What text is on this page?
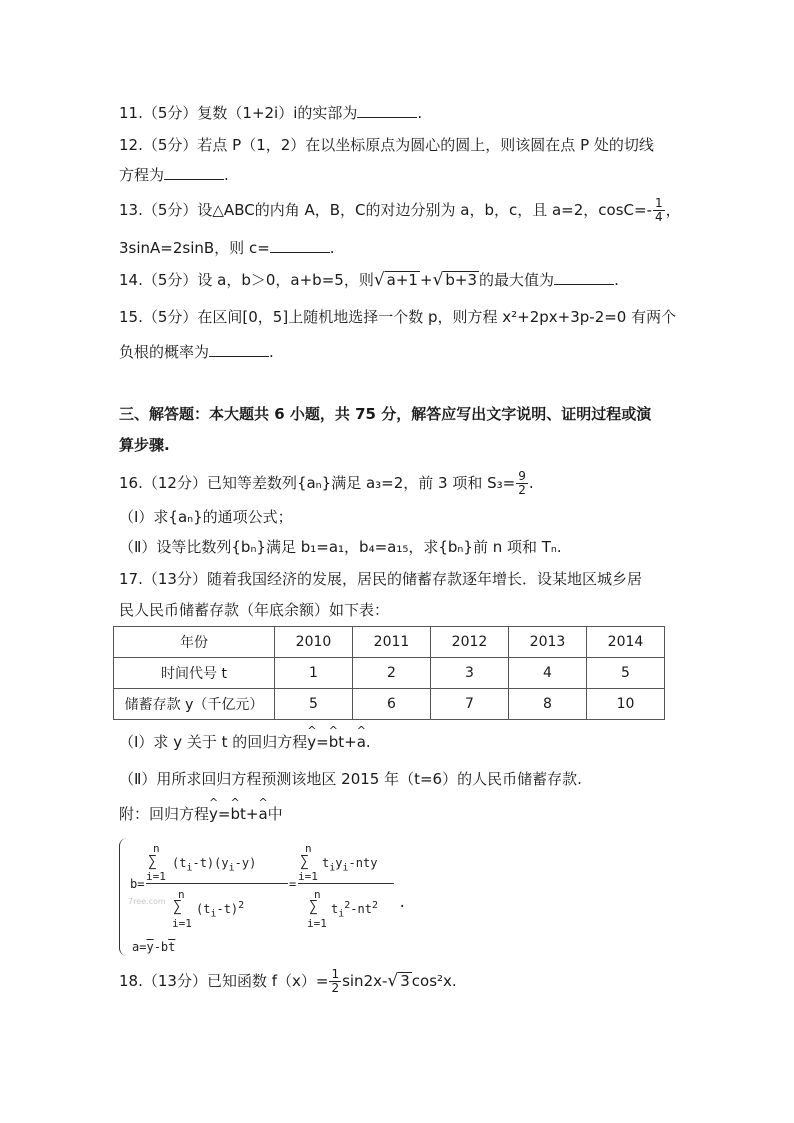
11.（5分）复数（1+2i）i的实部为	.
12.（5分）若点 P（1，2）在以坐标原点为圆心的圆上，则该圆在点 P 处的切线
方程为	.
13.（5分）设△ABC的内角 A，B，C的对边分别为 a，b，c，且 a=2，$\cos C=- \frac{1}{4}$ ，
3sinA=2sinB，则 c=	.
14.（5分）设 a，b＞0，a+b=5，则√ a+1 +√ b+3 的最大值为	.
15.（5分）在区间[0，5]上随机地选择一个数 p，则方程 x²+2px+3p-2=0 有两个
负根的概率为	.
三、解答题：本大题共 6 小题，共 75 分，解答应写出文字说明、证明过程或演
算步骤.
16.（12分）已知等差数列{aₙ}满足 a₃=2，前 3 项和 $S_3= \frac{9}{2}$ .
（Ⅰ）求{aₙ}的通项公式；
（Ⅱ）设等比数列{bₙ}满足 b₁=a₁，b₄=a₁₅，求{bₙ}前 n 项和 Tₙ.
17.（13分）随着我国经济的发展，居民的储蓄存款逐年增长．设某地区城乡居
民人民币储蓄存款（年底余额）如下表：
年份	2010	2011	2012	2013	2014
时间代号 t	1	2	3	4	5
储蓄存款 y（千亿元）	5	6	7	8	10
（Ⅰ）求 y 关于 t 的回归方程^ y=^ bt+^ a.
（Ⅱ）用所求回归方程预测该地区 2015 年（t=6）的人民币储蓄存款.
附：回归方程^ y=^ bt+^ a中
n
∑
i=1
$(t_i-t)(y_i-y)$
b=
n
∑
i=1
$(t_i-t)^2$
=
n
∑
i=1
$t_iy_i$-nty
n
∑
i=1
$t_i^2-nt^2$ .
$a=\overline{y}-b\overline{t}$
7ree.com
18.（13分）已知函数 $f(x)= \frac{1}{2} \sin 2x-√$ 3 cos²x.
